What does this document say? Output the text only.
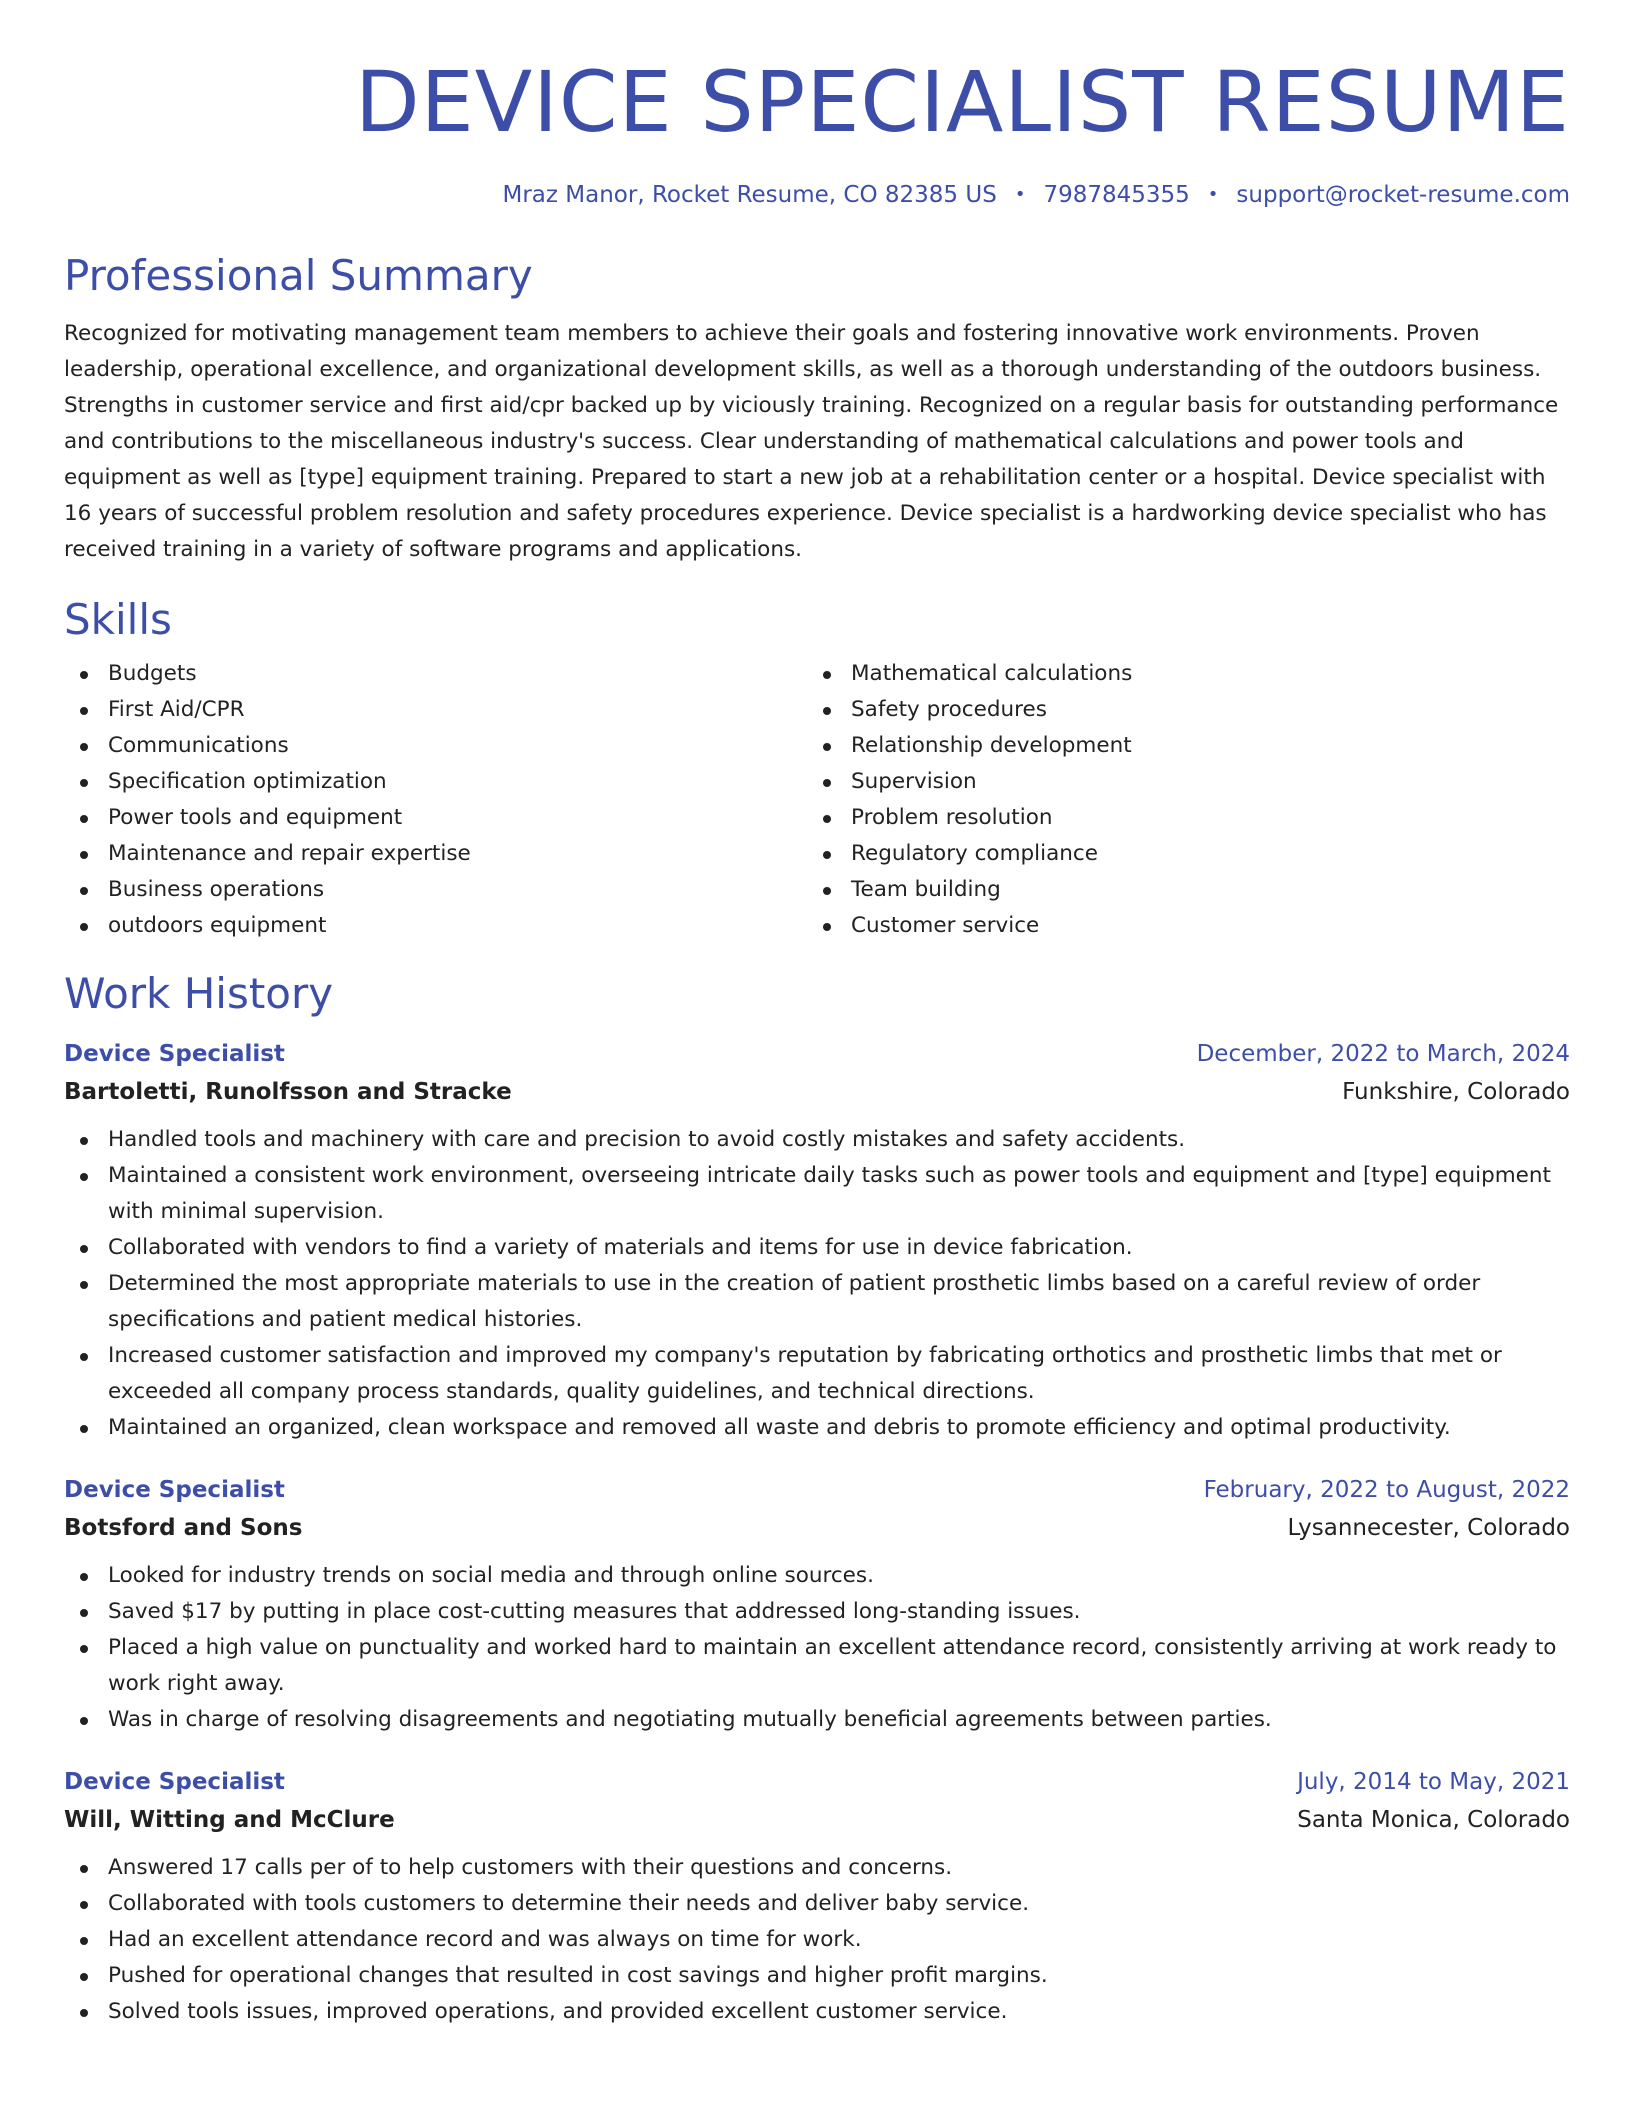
DEVICE SPECIALIST RESUME
Mraz Manor, Rocket Resume, CO 82385 US • 7987845355 • support@rocket-resume.com
Professional Summary

Recognized for motivating management team members to achieve their goals and fostering innovative work environments. Proven leadership, operational excellence, and organizational development skills, as well as a thorough understanding of the outdoors business. Strengths in customer service and first aid/cpr backed up by viciously training. Recognized on a regular basis for outstanding performance and contributions to the miscellaneous industry's success. Clear understanding of mathematical calculations and power tools and equipment as well as [type] equipment training. Prepared to start a new job at a rehabilitation center or a hospital. Device specialist with 16 years of successful problem resolution and safety procedures experience. Device specialist is a hardworking device specialist who has received training in a variety of software programs and applications.

Skills
Budgets
First Aid/CPR
Communications
Specification optimization
Power tools and equipment
Maintenance and repair expertise
Business operations
outdoors equipment
Mathematical calculations
Safety procedures
Relationship development
Supervision
Problem resolution
Regulatory compliance
Team building
Customer service
Work History
Device Specialist	December, 2022 to March, 2024
Bartoletti, Runolfsson and Stracke	Funkshire, Colorado
Handled tools and machinery with care and precision to avoid costly mistakes and safety accidents.
Maintained a consistent work environment, overseeing intricate daily tasks such as power tools and equipment and [type] equipment with minimal supervision.
Collaborated with vendors to find a variety of materials and items for use in device fabrication.
Determined the most appropriate materials to use in the creation of patient prosthetic limbs based on a careful review of order specifications and patient medical histories.
Increased customer satisfaction and improved my company's reputation by fabricating orthotics and prosthetic limbs that met or exceeded all company process standards, quality guidelines, and technical directions.
Maintained an organized, clean workspace and removed all waste and debris to promote efficiency and optimal productivity.
Device Specialist	February, 2022 to August, 2022
Botsford and Sons	Lysannecester, Colorado
Looked for industry trends on social media and through online sources.
Saved $17 by putting in place cost-cutting measures that addressed long-standing issues.
Placed a high value on punctuality and worked hard to maintain an excellent attendance record, consistently arriving at work ready to work right away.
Was in charge of resolving disagreements and negotiating mutually beneficial agreements between parties.
Device Specialist	July, 2014 to May, 2021
Will, Witting and McClure	Santa Monica, Colorado
Answered 17 calls per of to help customers with their questions and concerns.
Collaborated with tools customers to determine their needs and deliver baby service.
Had an excellent attendance record and was always on time for work.
Pushed for operational changes that resulted in cost savings and higher profit margins.
Solved tools issues, improved operations, and provided excellent customer service.
